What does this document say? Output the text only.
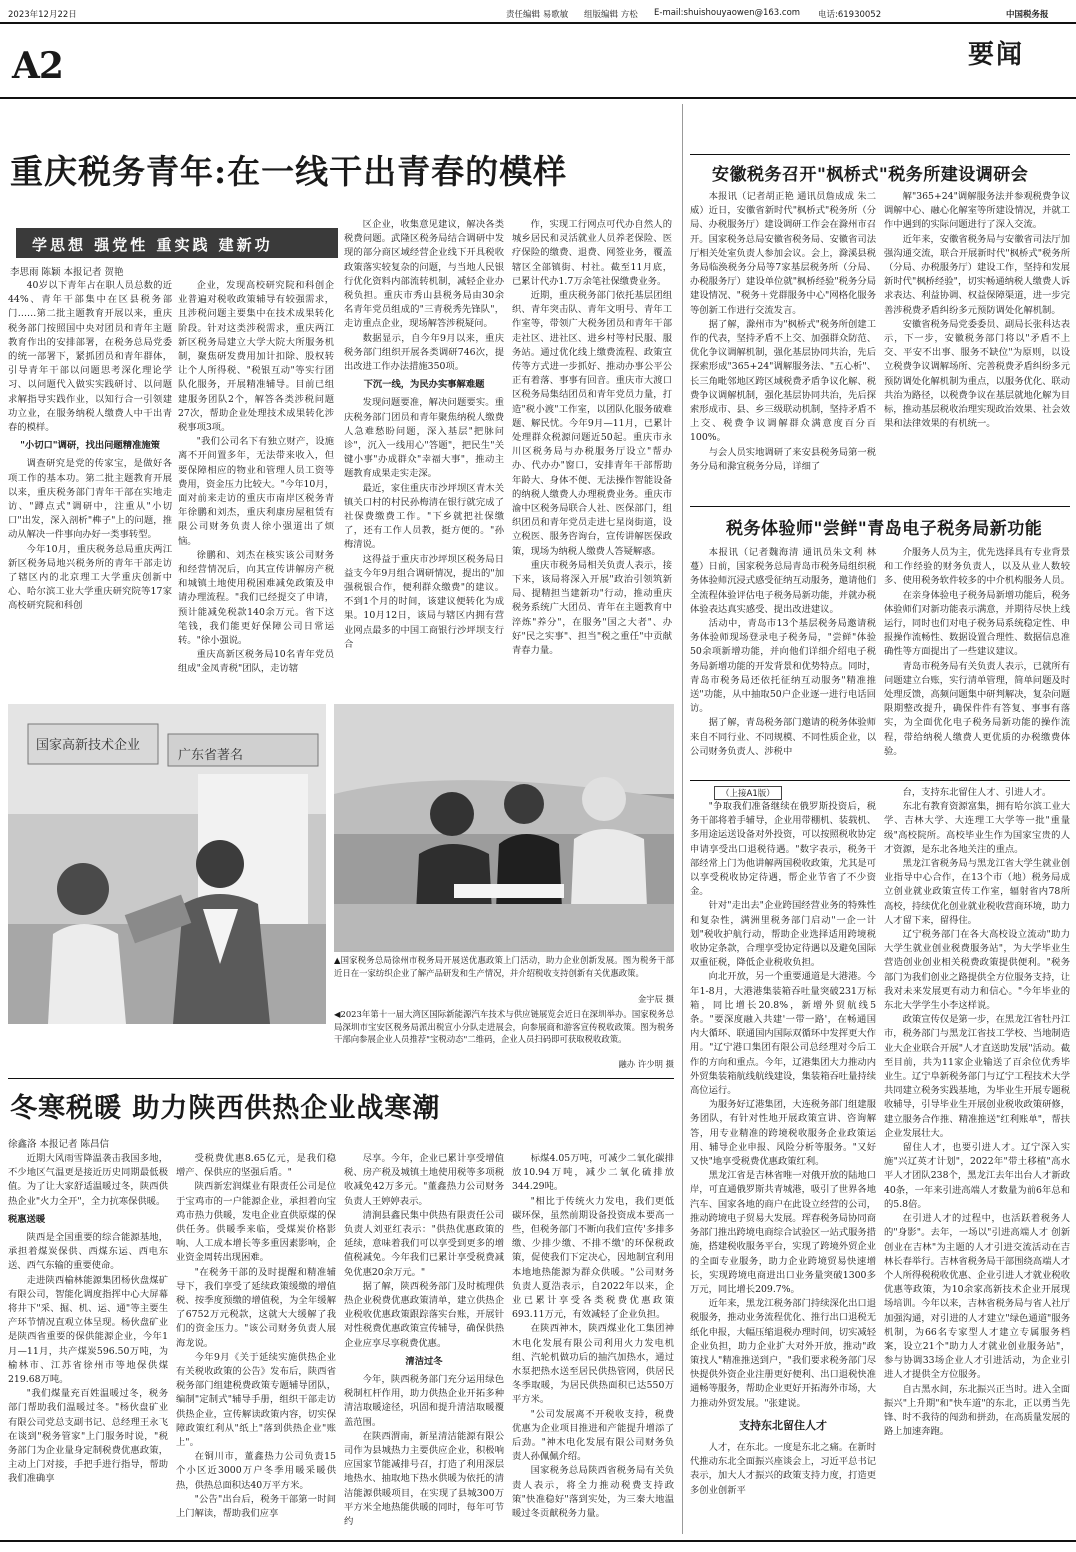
2023年12月22日	责任编辑 易歌敏 组版编辑 方松 E-mail:shuishouyaowen@163.com 电话:61930052	中国税务报
A2	要闻
重庆税务青年:在一线干出青春的模样
学思想 强党性 重实践 建新功
李思雨 陈颖 本报记者 贺艳

40岁以下青年占在职人员总数的近44%、青年干部集中在区县税务部门……第二批主题教育开展以来，重庆税务部门按照国中央对团员和青年主题教育作出的安排部署，在税务总局党委的统一部署下，紧抓团员和青年群体，引导青年干部以问题思考深化理论学习、以问题代入做实实践研讨、以问题求解指导实践作业，以知行合一引领建功立业，在服务纳税人缴费人中干出青春的模样。

"小切口"调研，找出问题精准施策

调查研究是党的传家宝，是做好各项工作的基本功。第二批主题教育开展以来，重庆税务部门青年干部在实地走访、"蹲点式"调研中，注重从"小切口"出发，深入剖析"榫子"上的问题，推动从解决一件事向办好一类事转型。

今年10月，重庆税务总局重庆两江新区税务局地兴税务所的青年干部走访了辖区内的北京理工大学重庆创新中心、哈尔滨工业大学重庆研究院等17家高校研究院和科创

企业，发现高校研究院和科创企业普遍对税收政策辅导有较强需求，且涉税问题主要集中在技术成果转化阶段。针对这类涉税需求，重庆两江新区税务局建立大学大院大所服务机制，聚焦研发费用加计扣除、股权转让个人所得税、"税银互动"等实行团队化服务，开展精准辅导。目前已组建服务团队2个，解答各类涉税问题27次，帮助企业处理技术成果转化涉税事项3项。

"我们公司名下有独立财产，设施离不开间置多年，无法带来收入，但要保障相应的物业和管理人员工资等费用，资金压力比较大。"今年10月，面对前来走访的重庆市南岸区税务青年徐鹏和刘杰，重庆利康房屋租赁有限公司财务负责人徐小强道出了烦恼。

徐鹏和、刘杰在核实该公司财务和经营情况后，向其宣传讲解房产税和城镇土地使用税困难减免政策及申请办理流程。"我们已经提交了申请，预计能减免税款140余万元。省下这笔钱，我们能更好保障公司日常运转。"徐小强说。

重庆高新区税务局10名青年党员组成"金凤青税"团队，走访辖

区企业，收集意见建议，解决各类税费问题。武隆区税务局结合调研中发现的部分商区域经营企业线下开具税收政策落实较复杂的问题，与当地人民银行优化资料内部流转机制，减轻企业办税负担。重庆市秀山县税务局由30余名青年党员组成的"三青税秀先锋队"，走访重点企业，现场解答涉税疑问。

数据显示，自今年9月以来，重庆税务部门组织开展各类调研746次，提出改进工作办法措施350项。

下沉一线，为民办实事解难题

发现问题要准，解决问题要实。重庆税务部门团员和青年聚焦纳税人缴费人急难愁盼问题，深入基层"把脉问诊"，沉入一线用心"答题"，把民生"关键小事"办成群众"幸福大事"，推动主题教育成果走实走深。

最近，家住重庆市沙坪坝区青木关镇关口村的村民孙梅清在银行就完成了社保费缴费工作。"下乡就把社保缴了，还有工作人员教，挺方便的。"孙梅清说。

这得益于重庆市沙坪坝区税务局日益支今年9月组合调研情况，提出的"加强税银合作，便利群众缴费"的建议。不到1个月的时间，该建议便转化为成果。10月12日，该局与辖区内拥有营业网点最多的中国工商银行沙坪坝支行合

作，实现工行网点可代办自然人的城乡居民和灵活就业人员养老保险、医疗保险的缴费、退费、网签业务，覆盖辖区全部镇街、村社。截至11月底，已累计代办1.7万余笔社保缴费业务。

近期，重庆税务部门依托基层团组织、青年突击队、青年文明号、青年工作室等，带领广大税务团员和青年干部走社区、进社区、进乡村等村民服、服务站。通过优化线上缴费流程、政策宣传等方式进一步抓好、推动办事公平公正有着落、事事有回音。重庆市大渡口区税务局集结团员和青年党员力量，打造"税小渡"工作室，以团队化服务破难题、解民忧。今年9月—11月，已累计处理群众税源问题近50起。重庆市永川区税务局与办税服务厅设立"帮办办、代办办"窗口，安排青年干部帮助年龄大、身体不便、无法操作智能设备的纳税人缴费人办理税费业务。重庆市渝中区税务局联合人社、医保部门，组织团员和青年党员走进七星岗街道，设立税医、服务咨询台，宣传讲解医保政策，现场为纳税人缴费人答疑解惑。

重庆市税务局相关负责人表示，接下来，该局将深入开展"政治引领筑新局、提精担当建新功"行动，推动重庆税务系统广大团员、青年在主题教育中淬炼"养分"，在服务"国之大者"、办好"民之实事"、担当"税之重任"中贡献青春力量。

国家高新技术企业
广东省著名
▲国家税务总局徐州市税务局开展送优惠政策上门活动，助力企业创新发展。图为税务干部近日在一家纺织企业了解产品研发和生产情况，并介绍税收支持创新有关优惠政策。
金宇辰 摄
◀2023年第十一届大湾区国际新能源汽车技术与供应链展览会近日在深圳举办。国家税务总局深圳市宝安区税务局派出税宣小分队走进展会，向参展商和游客宣传税收政策。图为税务干部向参展企业人员推荐"宝税动态"二维码，企业人员扫码即可获取税收政策。
融办 许少明 摄
冬寒税暖 助力陕西供热企业战寒潮
徐鑫洛 本报记者 陈昌信

近期大风雨雪降温袭击我国多地，不少地区气温更是接近历史同期最低极值。为了让大家舒适温暖过冬，陕西供热企业"火力全开"，全力抗寒保供暖。

税惠送暖

陕西是全国重要的综合能源基地，承担着煤炭保供、西煤东运、西电东送、西气东输的重要使命。

走进陕西榆林能源集团杨伙盘煤矿有限公司，智能化调度指挥中心大屏幕将井下"采、掘、机、运、通"等主要生产环节情况直观立体呈现。杨伙盘矿业是陕西省重要的保供能源企业，今年1月—11月，共产煤炭596.50万吨，为榆林市、江苏省徐州市等地保供煤219.68万吨。

"我们煤量充百姓温暖过冬，税务部门帮助我们温暖过冬。"杨伙盘矿业有限公司党总支副书记、总经理王永飞在谈到"税务管家"上门服务时说，"税务部门为企业量身定制税费优惠政策，主动上门对接，手把手进行指导，帮助我们准确享

受税费优惠8.65亿元，是我们稳增产、保供应的坚强后盾。"

陕西新宏润煤业有限责任公司是位于宝鸡市的一户能源企业，承担着向宝鸡市热力供暖，发电企业直供原煤的保供任务。供暖季来临，受煤炭价格影响、人工成本增长等多重因素影响，企业资金周转出现困难。

"在税务干部的及时提醒和精准辅导下，我们享受了延续政策缓缴的增值税、按季度预缴的增值税，为全年缓解了6752万元税款，这就大大缓解了我们的资金压力。"该公司财务负责人展海龙说。

今年9月《关于延续实施供热企业有关税收政策的公告》发布后，陕西省税务部门组建税费政策专题辅导团队，编制"定制式"辅导手册，组织干部走访供热企业，宣传解读政策内容，切实保障政策红利从"纸上"落到供热企业"账上"。

在铜川市，董鑫热力公司负责15个小区近3000万户冬季用暖采暖供热，供热总面积达40万平方米。

"公告"出台后，税务干部第一时间上门解读，帮助我们应享

尽享。今年，企业已累计享受增值税、房产税及城镇土地使用税等多项税收减免42万多元。"董鑫热力公司财务负责人王婷婷表示。

清涧县鑫民集中供热有限责任公司负责人刘亚红表示："供热优惠政策的延续，意味着我们可以享受到更多的增值税减免。今年我们已累计享受税费减免优惠20余万元。"

据了解，陕西税务部门及时梳理供热企业税费优惠政策清单，建立供热企业税收优惠政策跟踪落实台账，开展针对性税费优惠政策宣传辅导，确保供热企业应享尽享税费优惠。

清洁过冬

今年，陕西税务部门充分运用绿色税制杠杆作用，助力供热企业开拓多种清洁取暖途径，巩固和提升清洁取暖覆盖范围。

在陕西渭南，新星清洁能源有限公司作为县城热力主要供应企业，积极响应国家节能减排号召，打造了利用深层地热水、抽取地下热水供暖为依托的清洁能源供暖项目，在实现了县城300万平方米全地热能供暖的同时，每年可节约

标煤4.05万吨，可减少二氧化碳排放10.94万吨，减少二氧化硫排放344.29吨。

"相比于传统火力发电，我们更低碳环保，虽然前期设备投资成本要高一些，但税务部门不断向我们宣传'多排多缴、少排少缴、不排不缴'的环保税政策，促使我们下定决心，因地制宜利用本地地热能源为群众供暖。"公司财务负责人夏浩表示，自2022年以来，企业已累计享受各类税费优惠政策693.11万元，有效减轻了企业负担。

在陕西神木，陕西煤业化工集团神木电化发展有限公司利用火力发电机组、汽轮机做功后的抽汽加热水，通过水泵把热水送至居民供热管网，供居民冬季取暖，为居民供热面积已达550万平方米。

"公司发展离不开税收支持，税费优惠为企业项目推进和产能提升增添了后劲。"神木电化发展有限公司财务负责人孙佩佩介绍。

国家税务总局陕西省税务局有关负责人表示，将全力推动税费支持政策"快准稳好"落到实处，为三秦大地温暖过冬贡献税务力量。

安徽税务召开"枫桥式"税务所建设调研会

本报讯（记者胡正艳 通讯员詹成成 朱二威）近日，安徽省新时代"枫桥式"税务所（分局、办税服务厅）建设调研工作会在滁州市召开。国家税务总局安徽省税务局、安徽省司法厅相关处室负责人参加会议。会上，滁溪县税务局临涣税务分局等7家基层税务所（分局、办税服务厅）建设单位就"枫桥经验"税务分局建设情况、"税务＋党群服务中心"网格化服务等创新工作进行交流发言。

据了解，滁州市为"枫桥式"税务所创建工作的代表，坚持矛盾不上交、加强群众防范、优化争议调解机制，强化基层协同共治，先后探索形成"365+24"调解服务法、"五心析"、长三角毗邻地区跨区域税费矛盾争议化解、税费争议调解机制，强化基层协同共治，先后探索形成市、县、乡三级联动机制，坚持矛盾不上交、税费争议调解群众满意度百分百100%。

与会人员实地调研了来安县税务局第一税务分局和滁宜税务分局，详细了

解"365+24"调解服务法并参观税费争议调解中心、融心化解室等所建设情况，并就工作中遇到的实际问题进行了深入交流。

近年来，安徽省税务局与安徽省司法厅加强沟通交流，联合开展新时代"枫桥式"税务所（分局、办税服务厅）建设工作，坚持和发展新时代"枫桥经验"，切实畅通纳税人缴费人诉求表达、利益协调、权益保障渠道，进一步完善涉税费矛盾纠纷多元预防调处化解机制。

安徽省税务局党委委员、副局长张科达表示，下一步，安徽税务部门将以"矛盾不上交、平安不出事、服务不缺位"为原则，以设立税费争议调解场所、完善税费矛盾纠纷多元预防调处化解机制为重点，以服务优化、联动共治为路径，以税费争议在基层就地化解为目标，推动基层税收治理实现政治效果、社会效果和法律效果的有机统一。

税务体验师"尝鲜"青岛电子税务局新功能

本报讯（记者魏海清 通讯员朱文利 林蔓）日前，国家税务总局青岛市税务局组织税务体验师沉浸式感受征纳互动服务，邀请他们全流程体验评估电子税务局新功能，并就办税体验表达真实感受、提出改进建议。

活动中，青岛市13个基层税务局邀请税务体验师现场登录电子税务局，"尝鲜"体验50余项新增功能，并向他们详细介绍电子税务局新增功能的开发背景和优势特点。同时，青岛市税务局还依托征纳互动服务"精准推送"功能，从中抽取50户企业逐一进行电话回访。

据了解，青岛税务部门邀请的税务体验师来自不同行业、不同规模、不同性质企业，以公司财务负责人、涉税中

介服务人员为主，优先选择具有专业背景和工作经验的财务负责人，以及从业人数较多、使用税务软件较多的中介机构服务人员。

在亲身体验电子税务局新增功能后，税务体验师们对新功能表示满意，并期待尽快上线运行，同时也们对电子税务局系统稳定性、申报操作流畅性、数据设置合理性、数据信息准确性等方面提出了一些建议建议。

青岛市税务局有关负责人表示，已就所有问题建立台账，实行清单管理，简单问题及时处理反馈，高频问题集中研判解决，复杂问题限期整改提升，确保件件有答复、事事有落实，为全面优化电子税务局新功能的操作流程，带给纳税人缴费人更优质的办税缴费体验。

（上接A1版）

"争取我们准备继续在俄罗斯投资后，税务干部将着手辅导，企业用带棚机、装载机、多用途运送设备对外投资，可以按照税收协定申请享受出口退税待遇。"数字表示，税务干部经常上门为他讲解两国税收政策，尤其是可以享受税收协定待遇，帮企业节省了不少资金。

针对"走出去"企业跨国经营业务的特殊性和复杂性，满洲里税务部门启动"一企一计划"税收护航行动，帮助企业选择适用跨境税收协定条款，合理享受协定待遇以及避免国际双重征税，降低企业税收负担。

向北开放，另一个重要通道是大港港。今年1-8月，大港港集装箱吞吐量突破231万标箱，同比增长20.8%，新增外贸航线5条。"要深度融入共建'一带一路'，在畅通国内大循环、联通国内国际双循环中发挥更大作用。"辽宁港口集团有限公司总经理对今后工作的方向和重点。今年，辽港集团大力推动内外贸集装箱航线航线建设，集装箱吞吐量持续高位运行。

为服务好辽港集团，大连税务部门组建服务团队，有针对性地开展政策宣讲、咨询解答，用专业精准的跨境税收服务企业政策运用、辅导企业申报、风险分析等服务。"又好又快"地享受税费优惠政策红利。

黑龙江省是吉林省唯一对俄开放的陆地口岸，可直通俄罗斯共青城港，吸引了世界各地汽车、国家各地的商户在此设立经营的公司，推动跨境电子贸易大发展。珲春税务局协同商务部门推出跨境电商综合试验区一站式服务措施，搭建税收服务平台，实现了跨境外贸企业的全面专业服务，助力企业跨境贸易快速增长，实现跨境电商进出口业务量突破1300多万元，同比增长209.7%。

近年来，黑龙江税务部门持续深化出口退税服务，推动业务流程优化、推行出口退税无纸化申报，大幅压缩退税办理时间，切实减轻企业负担，助力企业扩大对外开放，推动"政策找人"精准推送到户，"我们要求税务部门尽快提供外资企业注册更好便利、出口退税快准通畅等服务，帮助企业更好开拓海外市场，大力推动外贸发展。"张建说。

支持东北留住人才

人才，在东北。一度是东北之痛。在新时代推动东北全面振兴座谈会上，习近平总书记表示，加大人才振兴的政策支持力度，打造更多创业创新平

台，支持东北留住人才、引进人才。

东北有教育资源富集，拥有哈尔滨工业大学、吉林大学、大连理工大学等一批"重量级"高校院所。高校毕业生作为国家宝贵的人才资源，是东北各地关注的重点。

黑龙江省税务局与黑龙江省大学生就业创业指导中心合作，在13个市（地）税务局成立创业就业政策宣传工作室，辐射省内78所高校，持续优化创业就业税收营商环境，助力人才留下来，留得住。

辽宁税务部门在各大高校设立流动"助力大学生就业创业税费服务站"，为大学毕业生营造创业创业相关税费政策提供便利。"税务部门为我们创业之路提供全方位服务支持，让我对未来发展更有动力和信心。"今年毕业的东北大学学生小李这样说。

政策宣传仅是第一步，在黑龙江省牡丹江市，税务部门与黑龙江省技工学校、当地制造业大企业联合开展"人才直送助发展"活动。截至目前，共为11家企业输送了百余位优秀毕业生。辽宁阜新税务部门与辽宁工程技术大学共同建立税务实践基地，为毕业生开展专题税收辅导，引导毕业生开展创业税收政策研修，建立服务合作推、精准推送"红利账单"，帮扶企业发展壮大。

留住人才，也要引进人才。辽宁深入实施"兴辽英才计划"，2022年"带土移植"高水平人才团队238个，黑龙江去年出台人才新政40条，一年来引进高端人才数量为前6年总和的5.8倍。

在引进人才的过程中，也活跃着税务人的"身影"。去年，一场以"引进高端人才 创新创业在吉林"为主题的人才引进交流活动在吉林长春举行。吉林省税务局干部围绕高端人才个人所得税税收优惠、企业引进人才就业税收优惠等政策，为10余家高新技术企业开展现场培训。今年以来，吉林省税务局与省人社厅加强沟通，对引进的人才建立"绿色通道"服务机制，为66名专家型人才建立专属服务档案，设立21个"助力人才就业创业服务站"，参与协调33场企业人才引进活动，为企业引进人才提供全方位服务。

自古黑水间，东北振兴正当时。进入全面振兴"上升期"和"快车道"的东北，正以勇当先锋、时不我待的闯劲和拼劲，在高质量发展的路上加速奔跑。
